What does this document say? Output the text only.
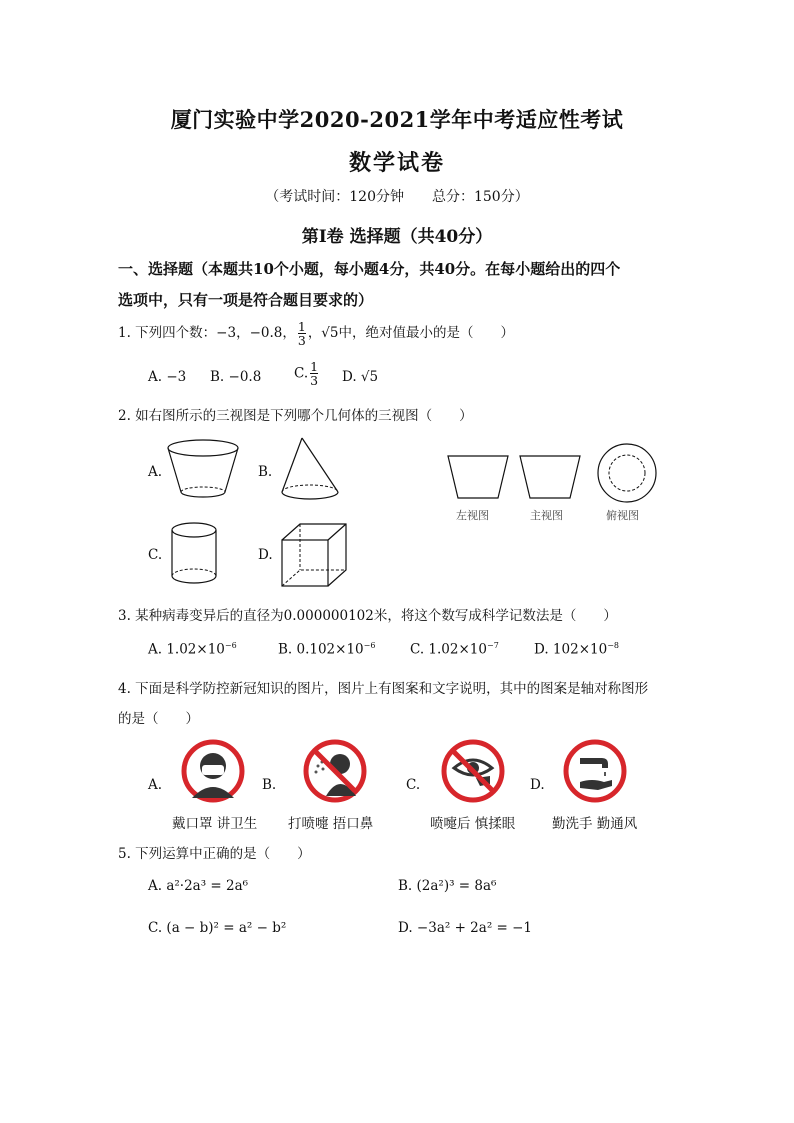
厦门实验中学2020-2021学年中考适应性考试
数学试卷
（考试时间：120分钟　　总分：150分）
第Ⅰ卷 选择题（共40分）
一、选择题（本题共10个小题，每小题4分，共40分。在每小题给出的四个
选项中，只有一项是符合题目要求的）
1. 下列四个数：−3，−0.8， $\frac{1}{3}$ ，√5中，绝对值最小的是（　　）
A. −3 B. −0.8 C. $\frac{1}{3} D$. √5
2. 如右图所示的三视图是下列哪个几何体的三视图（　　）
A.	B.
C.	D.
左视图	主视图	俯视图
3. 某种病毒变异后的直径为0.000000102米，将这个数写成科学记数法是（　　）
A. $1.02\times 10^{-6}$	B. $0.102\times 10^{-6}$	C. $1.02\times 10^{-7}$	D. $102\times 10^{-8}$
4. 下面是科学防控新冠知识的图片，图片上有图案和文字说明，其中的图案是轴对称图形
的是（　　）
A.	B.	C.	D.
戴口罩 讲卫生 打喷嚏 捂口鼻	喷嚏后 慎揉眼	勤洗手 勤通风
5. 下列运算中正确的是（　　）
A. a²·2a³ = 2a⁶	B. (2a²)³ = 8a⁶
C. (a − b)² = a² − b²	D. −3a² + 2a² = −1
